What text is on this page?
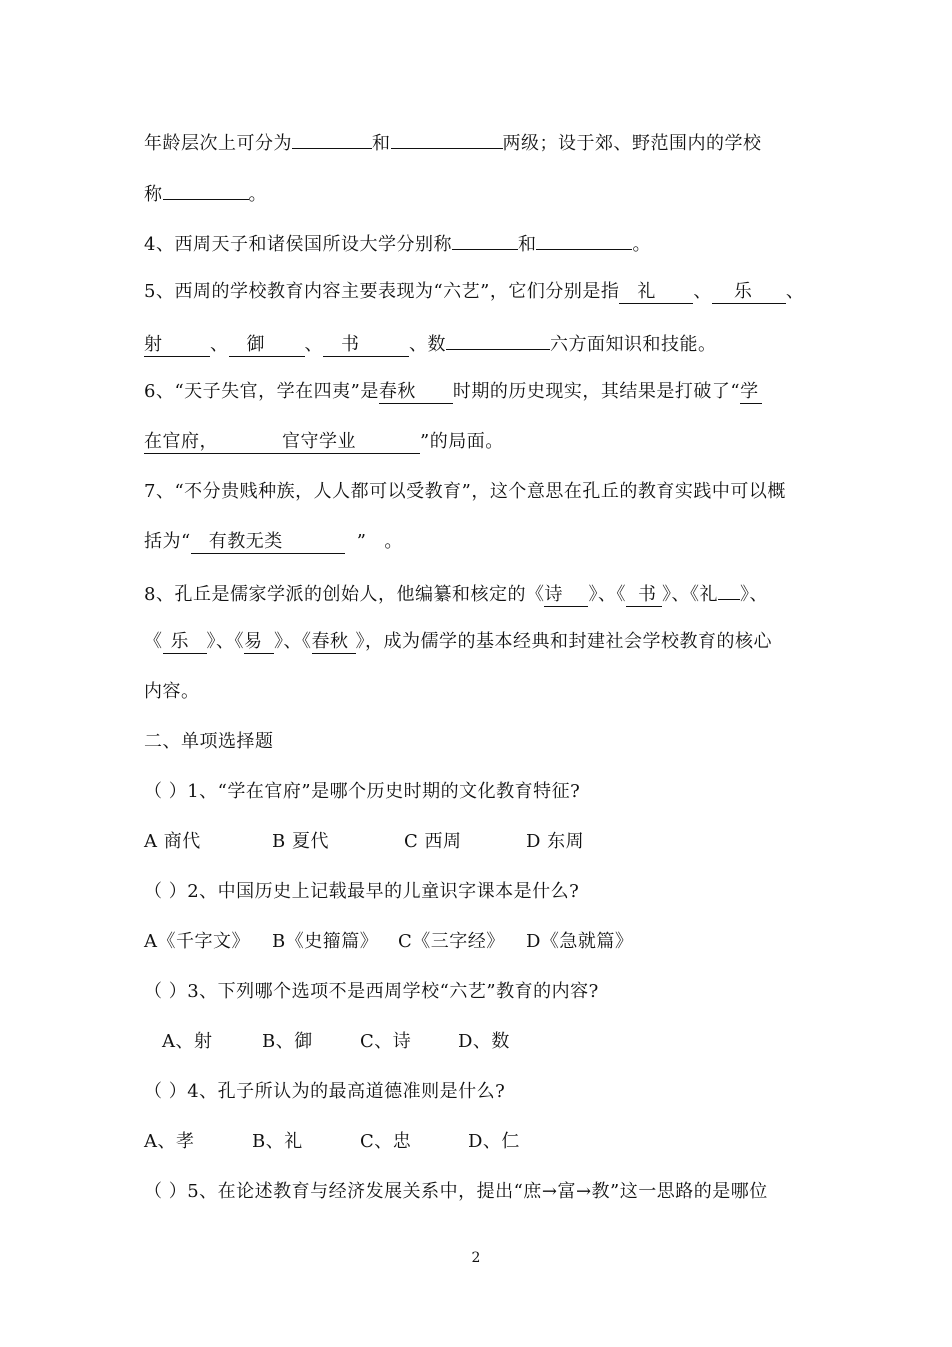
年龄层次上可分为	和	两级；设于郊、野范围内的学校
称	。
4、西周天子和诸侯国所设大学分别称	和	。
5、西周的学校教育内容主要表现为“六艺”，它们分别是指 礼 、 乐 、
射	、 御 、 书	、数	六方面知识和技能。
6、“天子失官，学在四夷”是春秋 时期的历史现实，其结果是打破了“学
在官府，	官守学业	”的局面。
7、“不分贵贱种族，人人都可以受教育”，这个意思在孔丘的教育实践中可以概
括为“ 有教无类	” 。
8、孔丘是儒家学派的创始人，他编纂和核定的《诗 》、《 书 》、《礼 》、
《 乐 》、《易 》、《春秋 》，成为儒学的基本经典和封建社会学校教育的核心
内容。
二、单项选择题
（ ）1、“学在官府”是哪个历史时期的文化教育特征?
A 商代	B 夏代	C 西周	D 东周
（ ）2、中国历史上记载最早的儿童识字课本是什么?
A《千字文》 B《史籀篇》 C《三字经》 D《急就篇》
（ ）3、下列哪个选项不是西周学校“六艺”教育的内容?
A、射	B、御	C、诗	D、数
（ ）4、孔子所认为的最高道德准则是什么?
A、孝	B、礼	C、忠	D、仁
（ ）5、在论述教育与经济发展关系中，提出“庶→富→教”这一思路的是哪位
2
